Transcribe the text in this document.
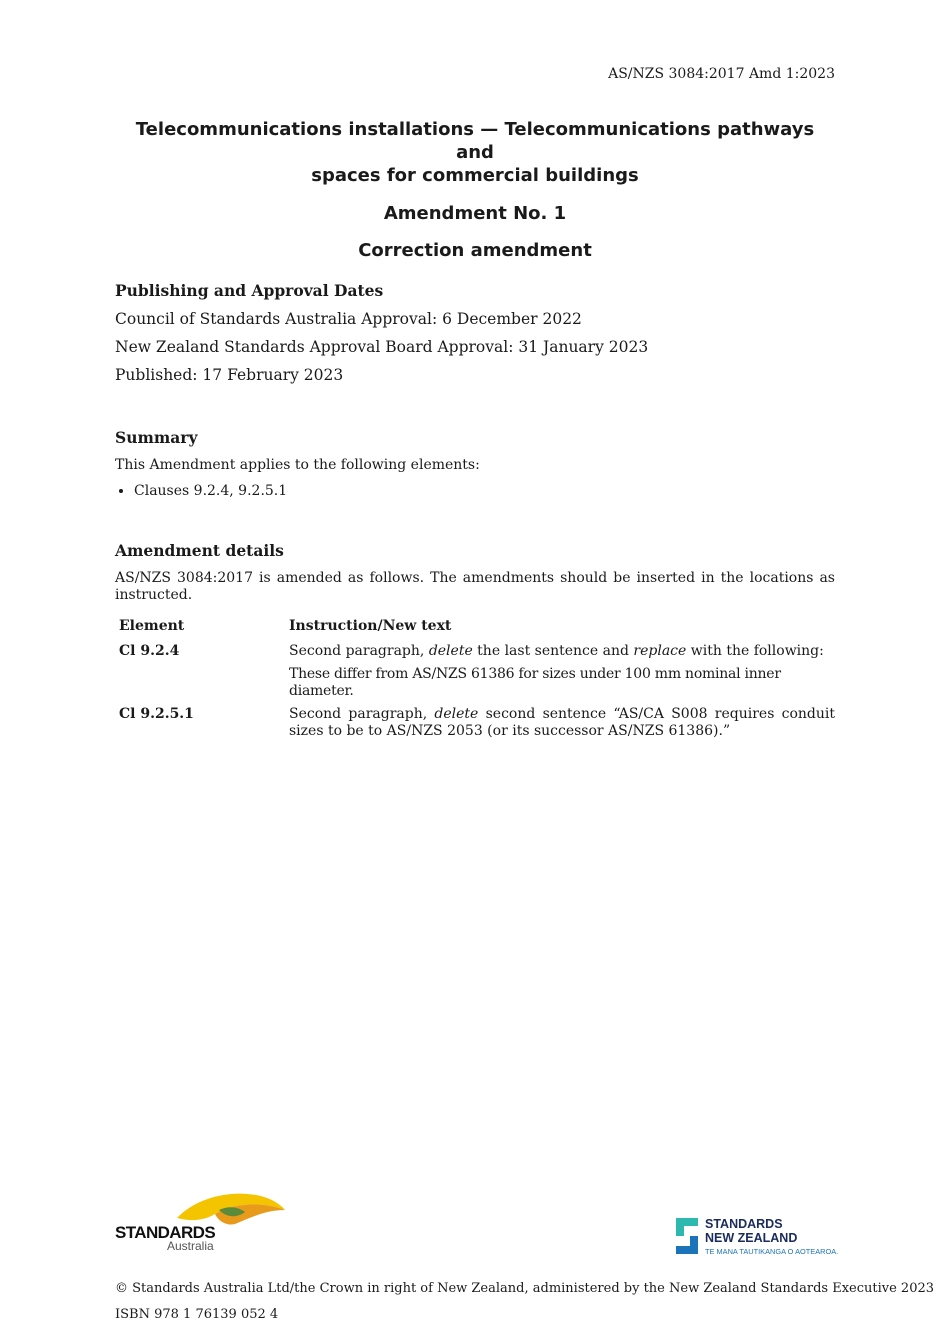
AS/NZS 3084:2017 Amd 1:2023

Telecommunications installations — Telecommunications pathways and
spaces for commercial buildings

Amendment No. 1

Correction amendment

Publishing and Approval Dates

Council of Standards Australia Approval: 6 December 2022

New Zealand Standards Approval Board Approval: 31 January 2023

Published: 17 February 2023

Summary

This Amendment applies to the following elements:

• Clauses 9.2.4, 9.2.5.1

Amendment details

AS/NZS 3084:2017 is amended as follows. The amendments should be inserted in the locations as instructed.

Element	Instruction/New text
Cl 9.2.4	Second paragraph, delete the last sentence and replace with the following:
	These differ from AS/NZS 61386 for sizes under 100 mm nominal inner diameter.
Cl 9.2.5.1	Second paragraph, delete second sentence “AS/CA S008 requires conduit sizes to be to AS/NZS 2053 (or its successor AS/NZS 61386).”
STANDARDS
Australia
STANDARDS
NEW ZEALAND
TE MANA TAUTIKANGA O AOTEAROA.
© Standards Australia Ltd/the Crown in right of New Zealand, administered by the New Zealand Standards Executive 2023
ISBN 978 1 76139 052 4
